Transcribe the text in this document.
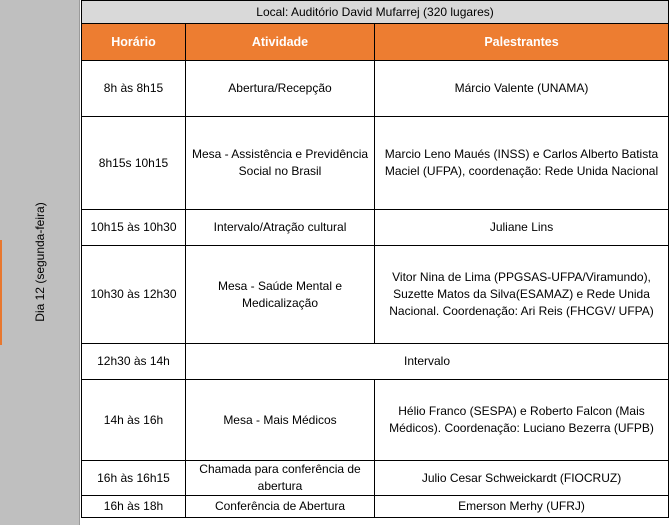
Dia 12 (segunda-feira)
Local: Auditório David Mufarrej (320 lugares)		
Horário	Atividade	Palestrantes
8h às 8h15	Abertura/Recepção	Márcio Valente (UNAMA)
8h15s 10h15	Mesa - Assistência e Previdência Social no Brasil	Marcio Leno Maués (INSS) e Carlos Alberto Batista Maciel (UFPA), coordenação: Rede Unida Nacional
10h15 às 10h30	Intervalo/Atração cultural	Juliane Lins
10h30 às 12h30	Mesa - Saúde Mental e Medicalização	Vitor Nina de Lima (PPGSAS-UFPA/Viramundo), Suzette Matos da Silva(ESAMAZ) e Rede Unida Nacional. Coordenação: Ari Reis (FHCGV/ UFPA)
12h30 às 14h	Intervalo	
14h às 16h	Mesa - Mais Médicos	Hélio Franco (SESPA) e Roberto Falcon (Mais Médicos). Coordenação: Luciano Bezerra (UFPB)
16h às 16h15	Chamada para conferência de abertura	Julio Cesar Schweickardt (FIOCRUZ)
16h às 18h	Conferência de Abertura	Emerson Merhy (UFRJ)
